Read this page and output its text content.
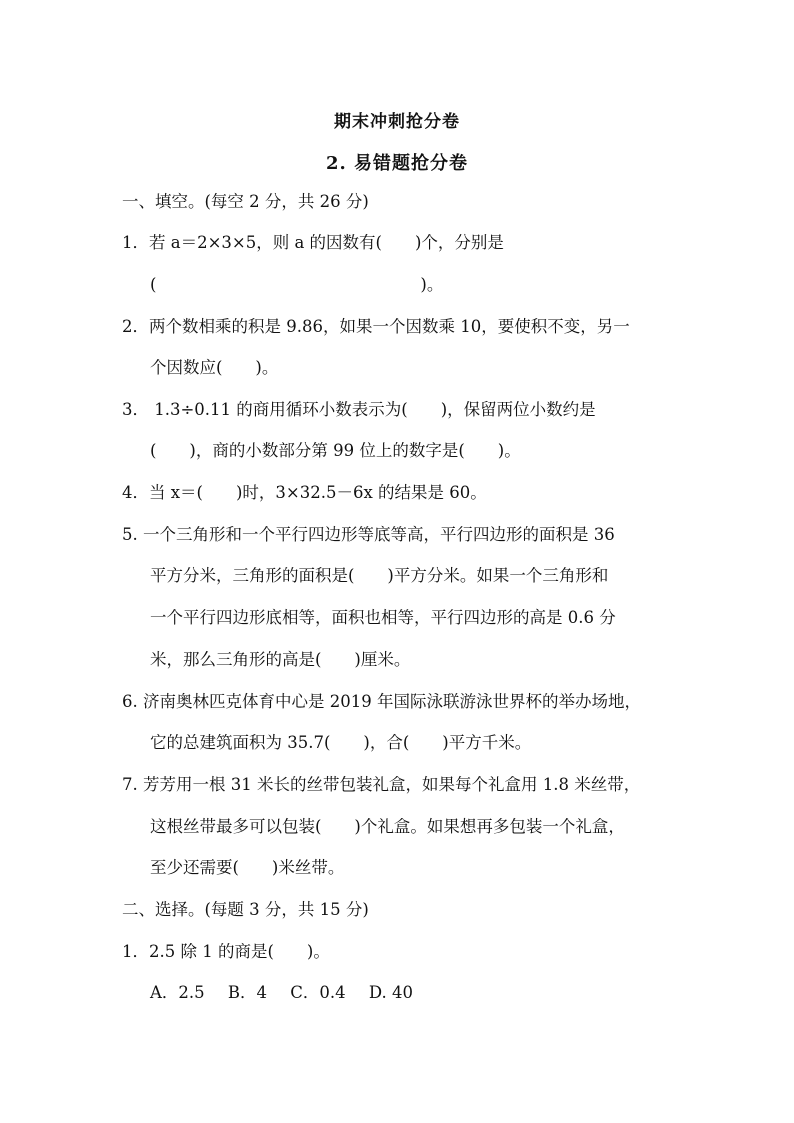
期末冲刺抢分卷
2. 易错题抢分卷
一、填空。(每空 2 分，共 26 分)
1．若 a＝2×3×5，则 a 的因数有(　　)个，分别是
(　　　　　　　　　　　　　　　　)。
2．两个数相乘的积是 9.86，如果一个因数乘 10，要使积不变，另一
个因数应(　　)。
3． 1.3÷0.11 的商用循环小数表示为(　　)，保留两位小数约是
(　　)，商的小数部分第 99 位上的数字是(　　)。
4．当 x＝(　　)时，3×32.5－6x 的结果是 60。
5. 一个三角形和一个平行四边形等底等高，平行四边形的面积是 36
平方分米，三角形的面积是(　　)平方分米。如果一个三角形和
一个平行四边形底相等，面积也相等，平行四边形的高是 0.6 分
米，那么三角形的高是(　　)厘米。
6. 济南奥林匹克体育中心是 2019 年国际泳联游泳世界杯的举办场地，
它的总建筑面积为 35.7(　　)，合(　　)平方千米。
7. 芳芳用一根 31 米长的丝带包装礼盒，如果每个礼盒用 1.8 米丝带，
这根丝带最多可以包装(　　)个礼盒。如果想再多包装一个礼盒，
至少还需要(　　)米丝带。
二、选择。(每题 3 分，共 15 分)
1．2.5 除 1 的商是(　　)。
A．2.5 B．4 C．0.4 D. 40
